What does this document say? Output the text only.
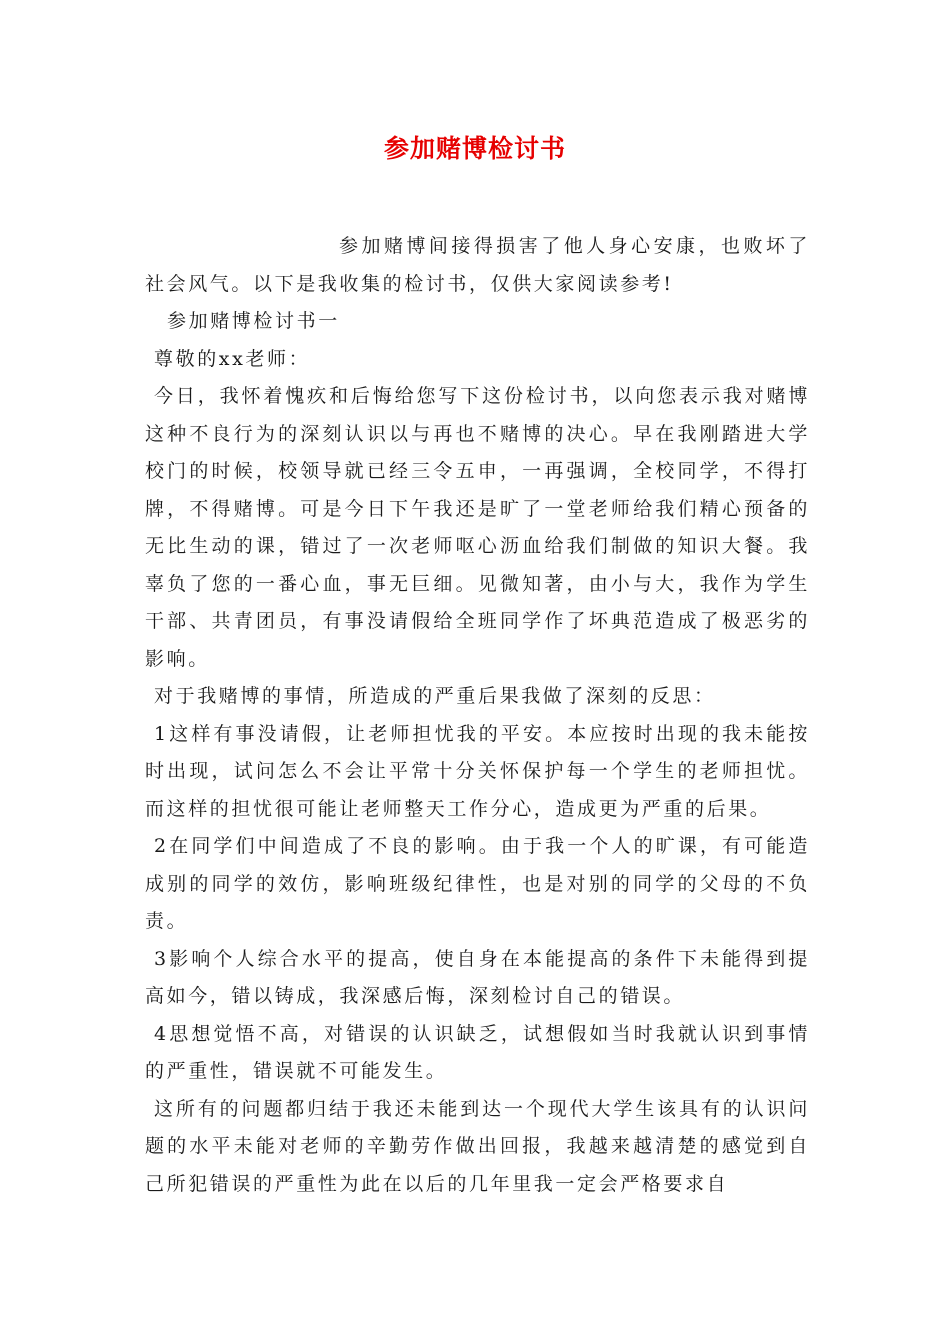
参加赌博检讨书

参加赌博间接得损害了他人身心安康，也败坏了社会风气。以下是我收集的检讨书，仅供大家阅读参考!

参加赌博检讨书一

尊敬的xx老师：

今日，我怀着愧疚和后悔给您写下这份检讨书，以向您表示我对赌博这种不良行为的深刻认识以与再也不赌博的决心。早在我刚踏进大学校门的时候，校领导就已经三令五申，一再强调，全校同学，不得打牌，不得赌博。可是今日下午我还是旷了一堂老师给我们精心预备的无比生动的课，错过了一次老师呕心沥血给我们制做的知识大餐。我辜负了您的一番心血，事无巨细。见微知著，由小与大，我作为学生干部、共青团员，有事没请假给全班同学作了坏典范造成了极恶劣的影响。

对于我赌博的事情，所造成的严重后果我做了深刻的反思：

1这样有事没请假，让老师担忧我的平安。本应按时出现的我未能按时出现，试问怎么不会让平常十分关怀保护每一个学生的老师担忧。而这样的担忧很可能让老师整天工作分心，造成更为严重的后果。

2在同学们中间造成了不良的影响。由于我一个人的旷课，有可能造成别的同学的效仿，影响班级纪律性，也是对别的同学的父母的不负责。

3影响个人综合水平的提高，使自身在本能提高的条件下未能得到提高如今，错以铸成，我深感后悔，深刻检讨自己的错误。

4思想觉悟不高，对错误的认识缺乏，试想假如当时我就认识到事情的严重性，错误就不可能发生。

这所有的问题都归结于我还未能到达一个现代大学生该具有的认识问题的水平未能对老师的辛勤劳作做出回报，我越来越清楚的感觉到自己所犯错误的严重性为此在以后的几年里我一定会严格要求自
